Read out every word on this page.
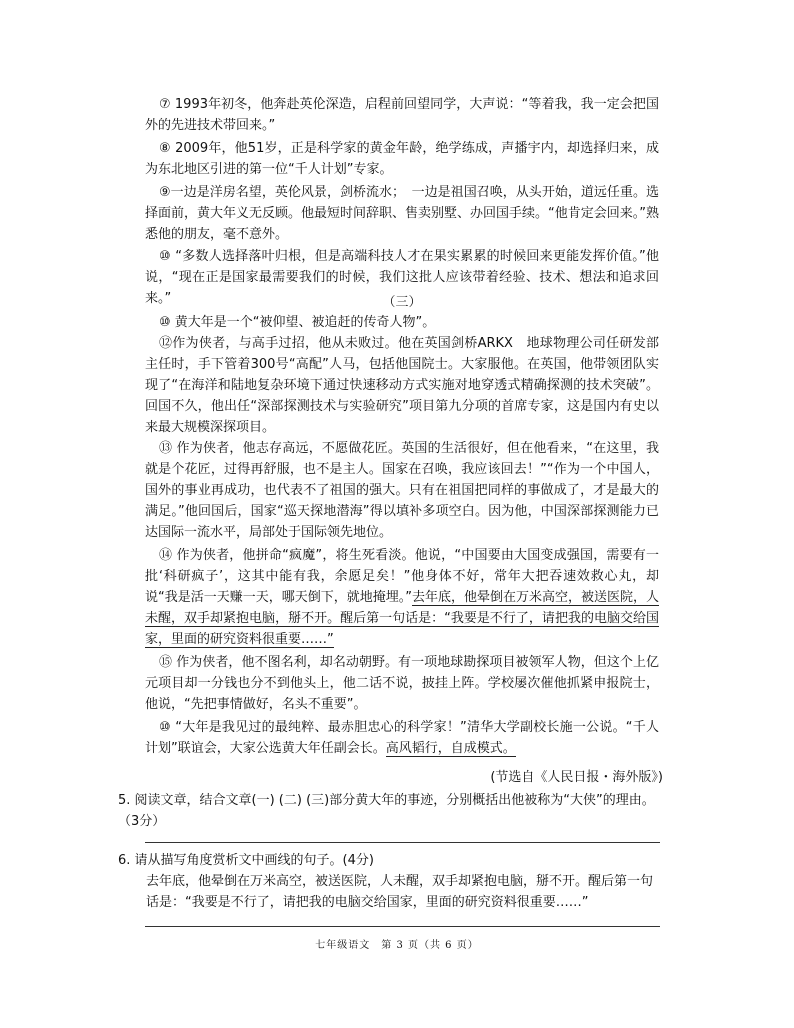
⑦ 1993年初冬，他奔赴英伦深造，启程前回望同学，大声说：“等着我，我一定会把国外的先进技术带回来。”

⑧ 2009年，他51岁，正是科学家的黄金年龄，绝学练成，声播宇内，却选择归来，成为东北地区引进的第一位“千人计划”专家。

⑨一边是洋房名望，英伦风景，剑桥流水；　一边是祖国召唤，从头开始，道远任重。选择面前，黄大年义无反顾。他最短时间辞职、售卖别墅、办回国手续。“他肯定会回来。”熟悉他的朋友，毫不意外。

⑩ “多数人选择落叶归根，但是高端科技人才在果实累累的时候回来更能发挥价值。”他说，“现在正是国家最需要我们的时候，我们这批人应该带着经验、技术、想法和追求回来。”	（三）

⑩ 黄大年是一个“被仰望、被追赶的传奇人物”。

⑫作为侠者，与高手过招，他从未败过。他在英国剑桥ARKX　地球物理公司任研发部主任时，手下管着300号“高配”人马，包括他国院士。大家服他。在英国，他带领团队实现了“在海洋和陆地复杂环境下通过快速移动方式实施对地穿透式精确探测的技术突破”。回国不久，他出任“深部探测技术与实验研究”项目第九分项的首席专家，这是国内有史以来最大规模深探项目。

⑬ 作为侠者，他志存高远，不愿做花匠。英国的生活很好，但在他看来，“在这里，我就是个花匠，过得再舒服，也不是主人。国家在召唤，我应该回去！”“作为一个中国人，国外的事业再成功，也代表不了祖国的强大。只有在祖国把同样的事做成了，才是最大的满足。”他回国后，国家“巡天探地潜海”得以填补多项空白。因为他，中国深部探测能力已达国际一流水平，局部处于国际领先地位。

⑭ 作为侠者，他拼命“疯魔”，将生死看淡。他说，“中国要由大国变成强国，需要有一批‘科研疯子’，这其中能有我，余愿足矣！”他身体不好，常年大把吞速效救心丸，却说“我是活一天赚一天，哪天倒下，就地掩埋。”去年底，他晕倒在万米高空，被送医院，人未醒，双手却紧抱电脑，掰不开。醒后第一句话是：“我要是不行了，请把我的电脑交给国家，里面的研究资料很重要……”

⑮ 作为侠者，他不图名利，却名动朝野。有一项地球勘探项目被领军人物，但这个上亿元项目却一分钱也分不到他头上，他二话不说，披挂上阵。学校屡次催他抓紧申报院士，他说，“先把事情做好，名头不重要”。

⑩ “大年是我见过的最纯粹、最赤胆忠心的科学家！”清华大学副校长施一公说。“千人计划”联谊会，大家公选黄大年任副会长。高风韬行，自成模式。

(节选自《人民日报・海外版》)

5. 阅读文章，结合文章(一) (二) (三)部分黄大年的事迹，分别概括出他被称为“大侠”的理由。（3分）

6. 请从描写角度赏析文中画线的句子。(4分)
去年底，他晕倒在万米高空，被送医院，人未醒，双手却紧抱电脑，掰不开。醒后第一句话是：“我要是不行了，请把我的电脑交给国家，里面的研究资料很重要……”

七年级语文　第 3 页（共 6 页）
